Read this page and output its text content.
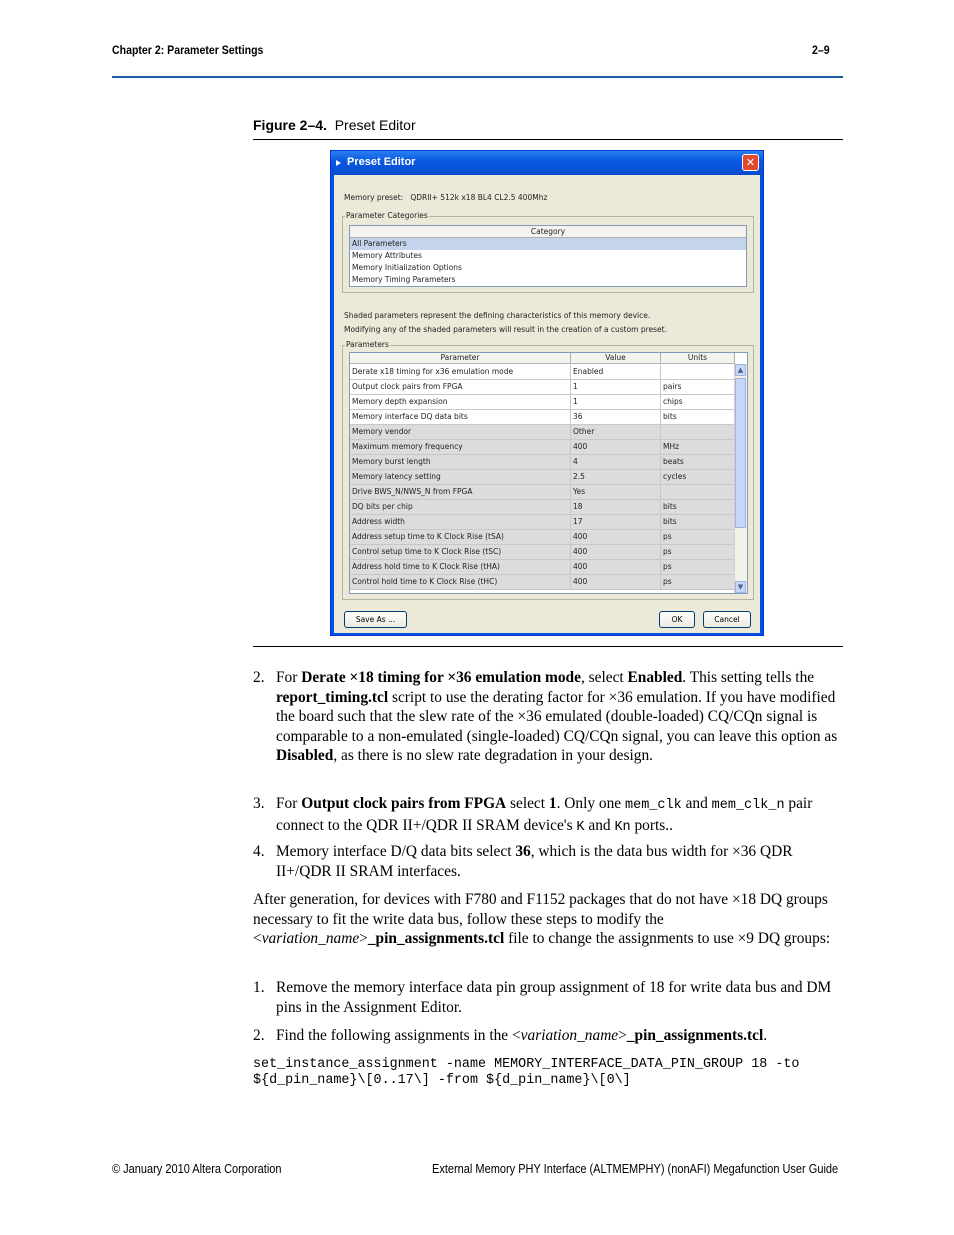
Chapter 2: Parameter Settings	2–9
Figure 2–4. Preset Editor
Preset Editor	✕
Memory preset: QDRII+ 512k x18 BL4 CL2.5 400Mhz
Parameter Categories
Category
All Parameters
Memory Attributes
Memory Initialization Options
Memory Timing Parameters
Shaded parameters represent the defining characteristics of this memory device.
Modifying any of the shaded parameters will result in the creation of a custom preset.
Parameters
Parameter	Value	Units
Derate x18 timing for x36 emulation mode	Enabled
Output clock pairs from FPGA	1	pairs
Memory depth expansion	1	chips
Memory interface DQ data bits	36	bits
Memory vendor	Other
Maximum memory frequency	400	MHz
Memory burst length	4	beats
Memory latency setting	2.5	cycles
Drive BWS_N/NWS_N from FPGA	Yes
DQ bits per chip	18	bits
Address width	17	bits
Address setup time to K Clock Rise (tSA)	400	ps
Control setup time to K Clock Rise (tSC)	400	ps
Address hold time to K Clock Rise (tHA)	400	ps
Control hold time to K Clock Rise (tHC)	400	ps
▲
▼
Save As ...	OK	Cancel
2. For Derate ×18 timing for ×36 emulation mode, select Enabled. This setting tells the report_timing.tcl script to use the derating factor for ×36 emulation. If you have modified the board such that the slew rate of the ×36 emulated (double-loaded) CQ/CQn signal is comparable to a non-emulated (single-loaded) CQ/CQn signal, you can leave this option as Disabled, as there is no slew rate degradation in your design.
3. For Output clock pairs from FPGA select 1. Only one mem_clk and mem_clk_n pair connect to the QDR II+/QDR II SRAM device's K and Kn ports..
4. Memory interface D/Q data bits select 36, which is the data bus width for ×36 QDR II+/QDR II SRAM interfaces.
After generation, for devices with F780 and F1152 packages that do not have ×18 DQ groups necessary to fit the write data bus, follow these steps to modify the <variation_name>_pin_assignments.tcl file to change the assignments to use ×9 DQ groups:
1. Remove the memory interface data pin group assignment of 18 for write data bus and DM pins in the Assignment Editor.
2. Find the following assignments in the <variation_name>_pin_assignments.tcl.
set_instance_assignment -name MEMORY_INTERFACE_DATA_PIN_GROUP 18 -to
${d_pin_name}\[0..17\] -from ${d_pin_name}\[0\]
© January 2010 Altera Corporation	External Memory PHY Interface (ALTMEMPHY) (nonAFI) Megafunction User Guide
